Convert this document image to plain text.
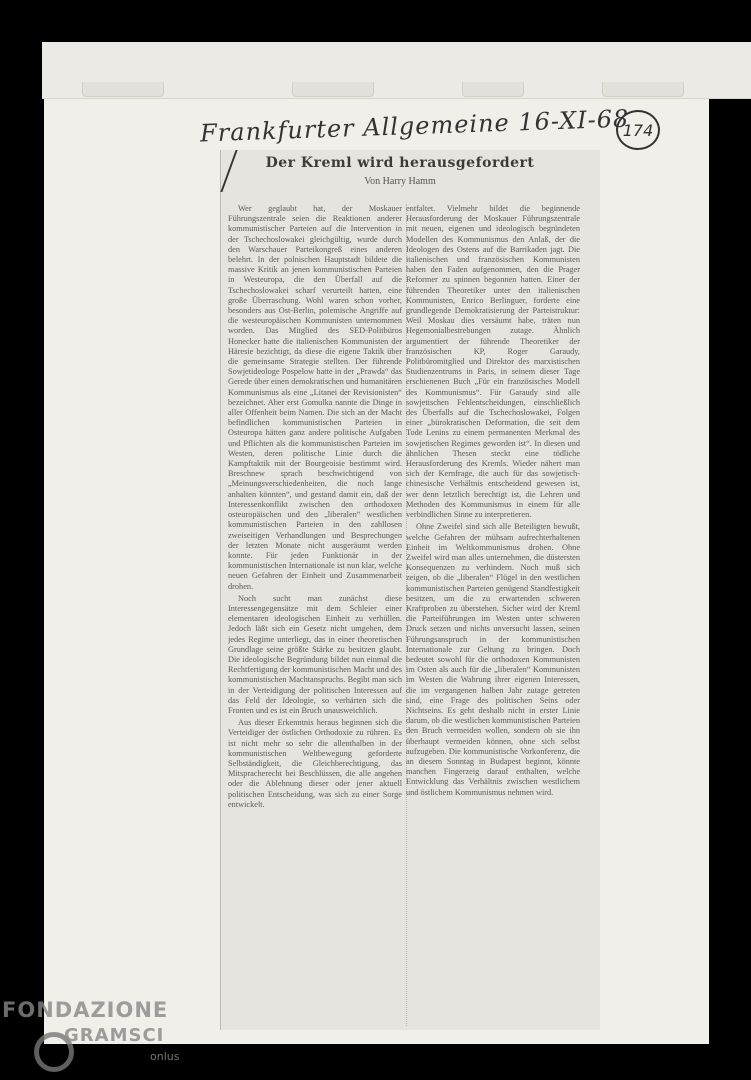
Frankfurter Allgemeine 16-XI-68
174
Der Kreml wird herausgefordert
Von Harry Hamm

Wer geglaubt hat, der Moskauer Führungszentrale seien die Reaktionen anderer kommunistischer Parteien auf die Intervention in der Tschechoslowakei gleichgültig, wurde durch den Warschauer Parteikongreß eines anderen belehrt. In der polnischen Hauptstadt bildete die massive Kritik an jenen kommunistischen Parteien in Westeuropa, die den Überfall auf die Tschechoslowakei scharf verurteilt hatten, eine große Überraschung. Wohl waren schon vorher, besonders aus Ost-Berlin, polemische Angriffe auf die westeuropäischen Kommunisten unternommen worden. Das Mitglied des SED-Politbüros Honecker hatte die italienischen Kommunisten der Häresie bezichtigt, da diese die eigene Taktik über die gemeinsame Strategie stellten. Der führende Sowjetideologe Pospelow hatte in der „Prawda“ das Gerede über einen demokratischen und humanitären Kommunismus als eine „Litanei der Revisionisten“ bezeichnet. Aber erst Gomulka nannte die Dinge in aller Offenheit beim Namen. Die sich an der Macht befindlichen kommunistischen Parteien in Osteuropa hätten ganz andere politische Aufgaben und Pflichten als die kommunistischen Parteien im Westen, deren politische Linie durch die Kampftaktik mit der Bourgeoisie bestimmt wird. Breschnew sprach beschwichtigend von „Meinungsverschiedenheiten, die noch lange anhalten könnten“, und gestand damit ein, daß der Interessenkonflikt zwischen den orthodoxen osteuropäischen und den „liberalen“ westlichen kommunistischen Parteien in den zahllosen zweiseitigen Verhandlungen und Besprechungen der letzten Monate nicht ausgeräumt werden konnte. Für jeden Funktionär in der kommunistischen Internationale ist nun klar, welche neuen Gefahren der Einheit und Zusammenarbeit drohen.

Noch sucht man zunächst diese Interessengegensätze mit dem Schleier einer elementaren ideologischen Einheit zu verhüllen. Jedoch läßt sich ein Gesetz nicht umgehen, dem jedes Regime unterliegt, das in einer theoretischen Grundlage seine größte Stärke zu besitzen glaubt. Die ideologische Begründung bildet nun einmal die Rechtfertigung der kommunistischen Macht und des kommunistischen Machtanspruchs. Begibt man sich in der Verteidigung der politischen Interessen auf das Feld der Ideologie, so verhärten sich die Fronten und es ist ein Bruch unausweichlich.

Aus dieser Erkenntnis heraus beginnen sich die Verteidiger der östlichen Orthodoxie zu rühren. Es ist nicht mehr so sehr die allenthalben in der kommunistischen Weltbewegung geforderte Selbständigkeit, die Gleichberechtigung, das Mitspracherecht bei Beschlüssen, die alle angehen oder die Ablehnung dieser oder jener aktuell politischen Entscheidung, was sich zu einer Sorge entwickelt.

entfaltet. Vielmehr bildet die beginnende Herausforderung der Moskauer Führungszentrale mit neuen, eigenen und ideologisch begründeten Modellen des Kommunismus den Anlaß, der die Ideologen des Ostens auf die Barrikaden jagt. Die italienischen und französischen Kommunisten haben den Faden aufgenommen, den die Prager Reformer zu spinnen begonnen hatten. Einer der führenden Theoretiker unter den italienischen Kommunisten, Enrico Berlinguer, forderte eine grundlegende Demokratisierung der Parteistruktur: Weil Moskau dies versäumt habe, träten nun Hegemonialbestrebungen zutage. Ähnlich argumentiert der führende Theoretiker der französischen KP, Roger Garaudy, Politbüromitglied und Direktor des marxistischen Studienzentrums in Paris, in seinem dieser Tage erschienenen Buch „Für ein französisches Modell des Kommunismus“. Für Garaudy sind alle sowjetischen Fehlentscheidungen, einschließlich des Überfalls auf die Tschechoslowakei, Folgen einer „bürokratischen Deformation, die seit dem Tode Lenins zu einem permanenten Merkmal des sowjetischen Regimes geworden ist“. In diesen und ähnlichen Thesen steckt eine tödliche Herausforderung des Kremls. Wieder nähert man sich der Kernfrage, die auch für das sowjetisch-chinesische Verhältnis entscheidend gewesen ist, wer denn letztlich berechtigt ist, die Lehren und Methoden des Kommunismus in einem für alle verbindlichen Sinne zu interpretieren.

Ohne Zweifel sind sich alle Beteiligten bewußt, welche Gefahren der mühsam aufrechterhaltenen Einheit im Weltkommunismus drohen. Ohne Zweifel wird man alles unternehmen, die düstersten Konsequenzen zu verhindern. Noch muß sich zeigen, ob die „liberalen“ Flügel in den westlichen kommunistischen Parteien genügend Standfestigkeit besitzen, um die zu erwartenden schweren Kraftproben zu überstehen. Sicher wird der Kreml die Parteiführungen im Westen unter schweren Druck setzen und nichts unversucht lassen, seinen Führungsanspruch in der kommunistischen Internationale zur Geltung zu bringen. Doch bedeutet sowohl für die orthodoxen Kommunisten im Osten als auch für die „liberalen“ Kommunisten im Westen die Wahrung ihrer eigenen Interessen, die im vergangenen halben Jahr zutage getreten sind, eine Frage des politischen Seins oder Nichtseins. Es geht deshalb nicht in erster Linie darum, ob die westlichen kommunistischen Parteien den Bruch vermeiden wollen, sondern ob sie ihn überhaupt vermeiden können, ohne sich selbst aufzugeben. Die kommunistische Vorkonferenz, die an diesem Sonntag in Budapest beginnt, könnte manchen Fingerzeig darauf enthalten, welche Entwicklung das Verhältnis zwischen westlichem und östlichem Kommunismus nehmen wird.

FONDAZIONE
GRAMSCI
onlus
